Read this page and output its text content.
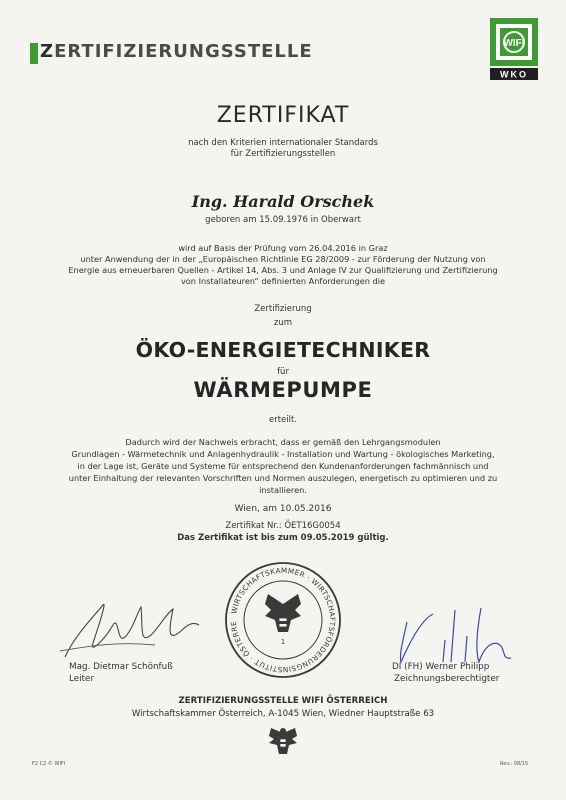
ZERTIFIZIERUNGSSTELLE	WIFI
WKO
ZERTIFIKAT
nach den Kriterien internationaler Standards
für Zertifizierungsstellen
Ing. Harald Orschek
geboren am 15.09.1976 in Oberwart
wird auf Basis der Prüfung vom 26.04.2016 in Graz
unter Anwendung der in der „Europäischen Richtlinie EG 28/2009 - zur Förderung der Nutzung von
Energie aus erneuerbaren Quellen - Artikel 14, Abs. 3 und Anlage IV zur Qualifizierung und Zertifizierung
von Installateuren“ definierten Anforderungen die
Zertifizierung
zum
ÖKO-ENERGIETECHNIKER
für
WÄRMEPUMPE
erteilt.
Dadurch wird der Nachweis erbracht, dass er gemäß den Lehrgangsmodulen
Grundlagen - Wärmetechnik und Anlagenhydraulik - Installation und Wartung - ökologisches Marketing,
in der Lage ist, Geräte und Systeme für entsprechend den Kundenanforderungen fachmännisch und
unter Einhaltung der relevanten Vorschriften und Normen auszulegen, energetisch zu optimieren und zu
installieren.
Wien, am 10.05.2016
Zertifikat Nr.: ÖET16G0054
Das Zertifikat ist bis zum 09.05.2019 gültig.
WIRTSCHAFTSKAMMER · WIRTSCHAFTSFÖRDERUNGSINSTITUT · ÖSTERRE
1
Mag. Dietmar Schönfuß
Leiter
DI (FH) Werner Philipp
Zeichnungsberechtigter
ZERTIFIZIERUNGSSTELLE WIFI ÖSTERREICH
Wirtschaftskammer Österreich, A-1045 Wien, Wiedner Hauptstraße 63
F2 C2 © WIFI	Rev.: 08/15
